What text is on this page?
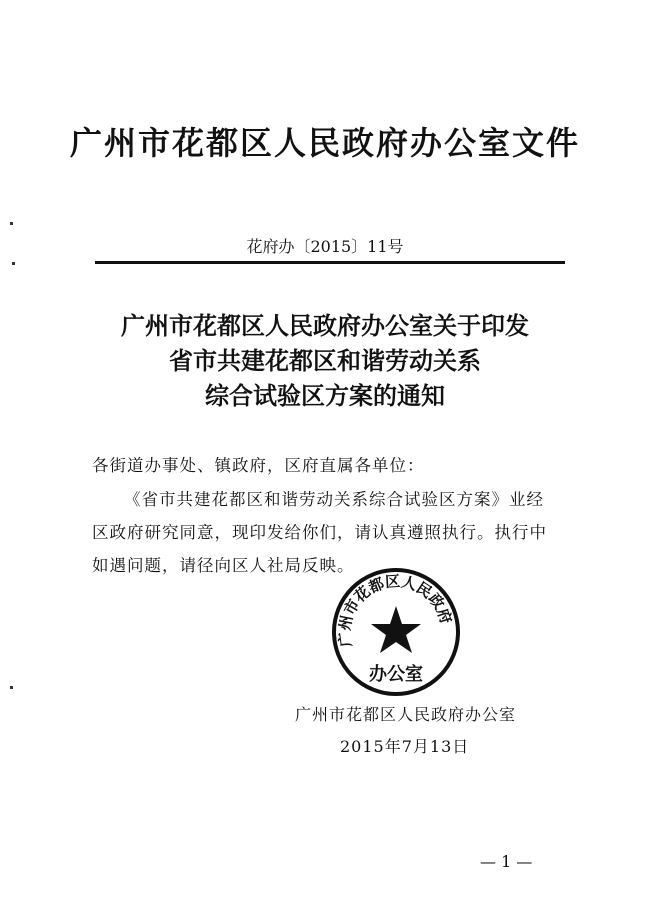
广州市花都区人民政府办公室文件
花府办〔2015〕11号
广州市花都区人民政府办公室关于印发
省市共建花都区和谐劳动关系
综合试验区方案的通知
各街道办事处、镇政府，区府直属各单位：
《省市共建花都区和谐劳动关系综合试验区方案》业经
区政府研究同意，现印发给你们，请认真遵照执行。执行中
如遇问题，请径向区人社局反映。
广州市花都区人民政府
办公室
广州市花都区人民政府办公室
2015年7月13日
— 1 —
